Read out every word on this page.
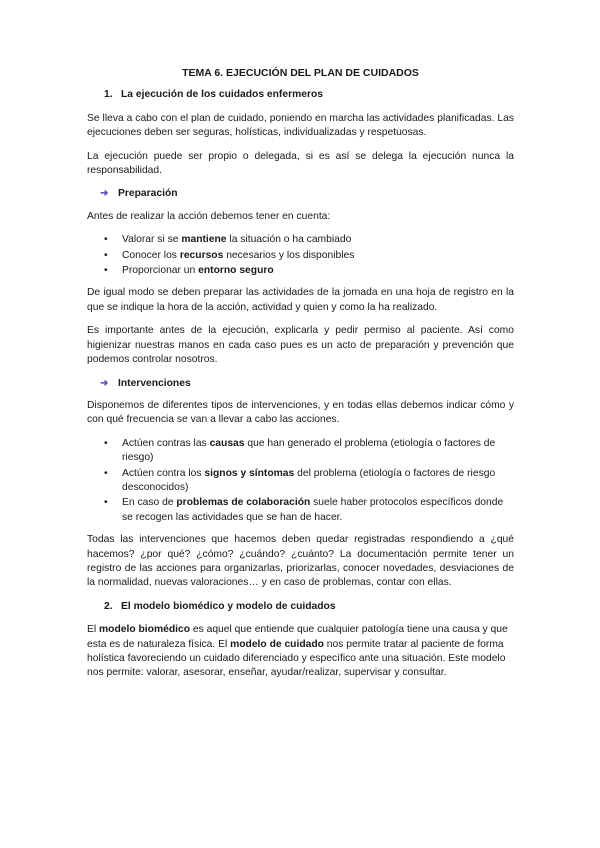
TEMA 6. EJECUCIÓN DEL PLAN DE CUIDADOS
1. La ejecución de los cuidados enfermeros

Se lleva a cabo con el plan de cuidado, poniendo en marcha las actividades planificadas. Las ejecuciones deben ser seguras, holísticas, individualizadas y respetuosas.

La ejecución puede ser propio o delegada, si es así se delega la ejecución nunca la responsabilidad.

➜ Preparación

Antes de realizar la acción debemos tener en cuenta:

• Valorar si se mantiene la situación o ha cambiado
• Conocer los recursos necesarios y los disponibles
• Proporcionar un entorno seguro

De igual modo se deben preparar las actividades de la jornada en una hoja de registro en la que se indique la hora de la acción, actividad y quien y como la ha realizado.

Es importante antes de la ejecución, explicarla y pedir permiso al paciente. Así como higienizar nuestras manos en cada caso pues es un acto de preparación y prevención que podemos controlar nosotros.

➜ Intervenciones

Disponemos de diferentes tipos de intervenciones, y en todas ellas debemos indicar cómo y con qué frecuencia se van a llevar a cabo las acciones.

• Actúen contras las causas que han generado el problema (etiología o factores de riesgo)
• Actúen contra los signos y síntomas del problema (etiología o factores de riesgo desconocidos)
• En caso de problemas de colaboración suele haber protocolos específicos donde se recogen las actividades que se han de hacer.

Todas las intervenciones que hacemos deben quedar registradas respondiendo a ¿qué hacemos? ¿por qué? ¿cómo? ¿cuándo? ¿cuánto? La documentación permite tener un registro de las acciones para organizarlas, priorizarlas, conocer novedades, desviaciones de la normalidad, nuevas valoraciones… y en caso de problemas, contar con ellas.

2. El modelo biomédico y modelo de cuidados

El modelo biomédico es aquel que entiende que cualquier patología tiene una causa y que esta es de naturaleza física. El modelo de cuidado nos permite tratar al paciente de forma holística favoreciendo un cuidado diferenciado y específico ante una situación. Este modelo nos permite: valorar, asesorar, enseñar, ayudar/realizar, supervisar y consultar.
